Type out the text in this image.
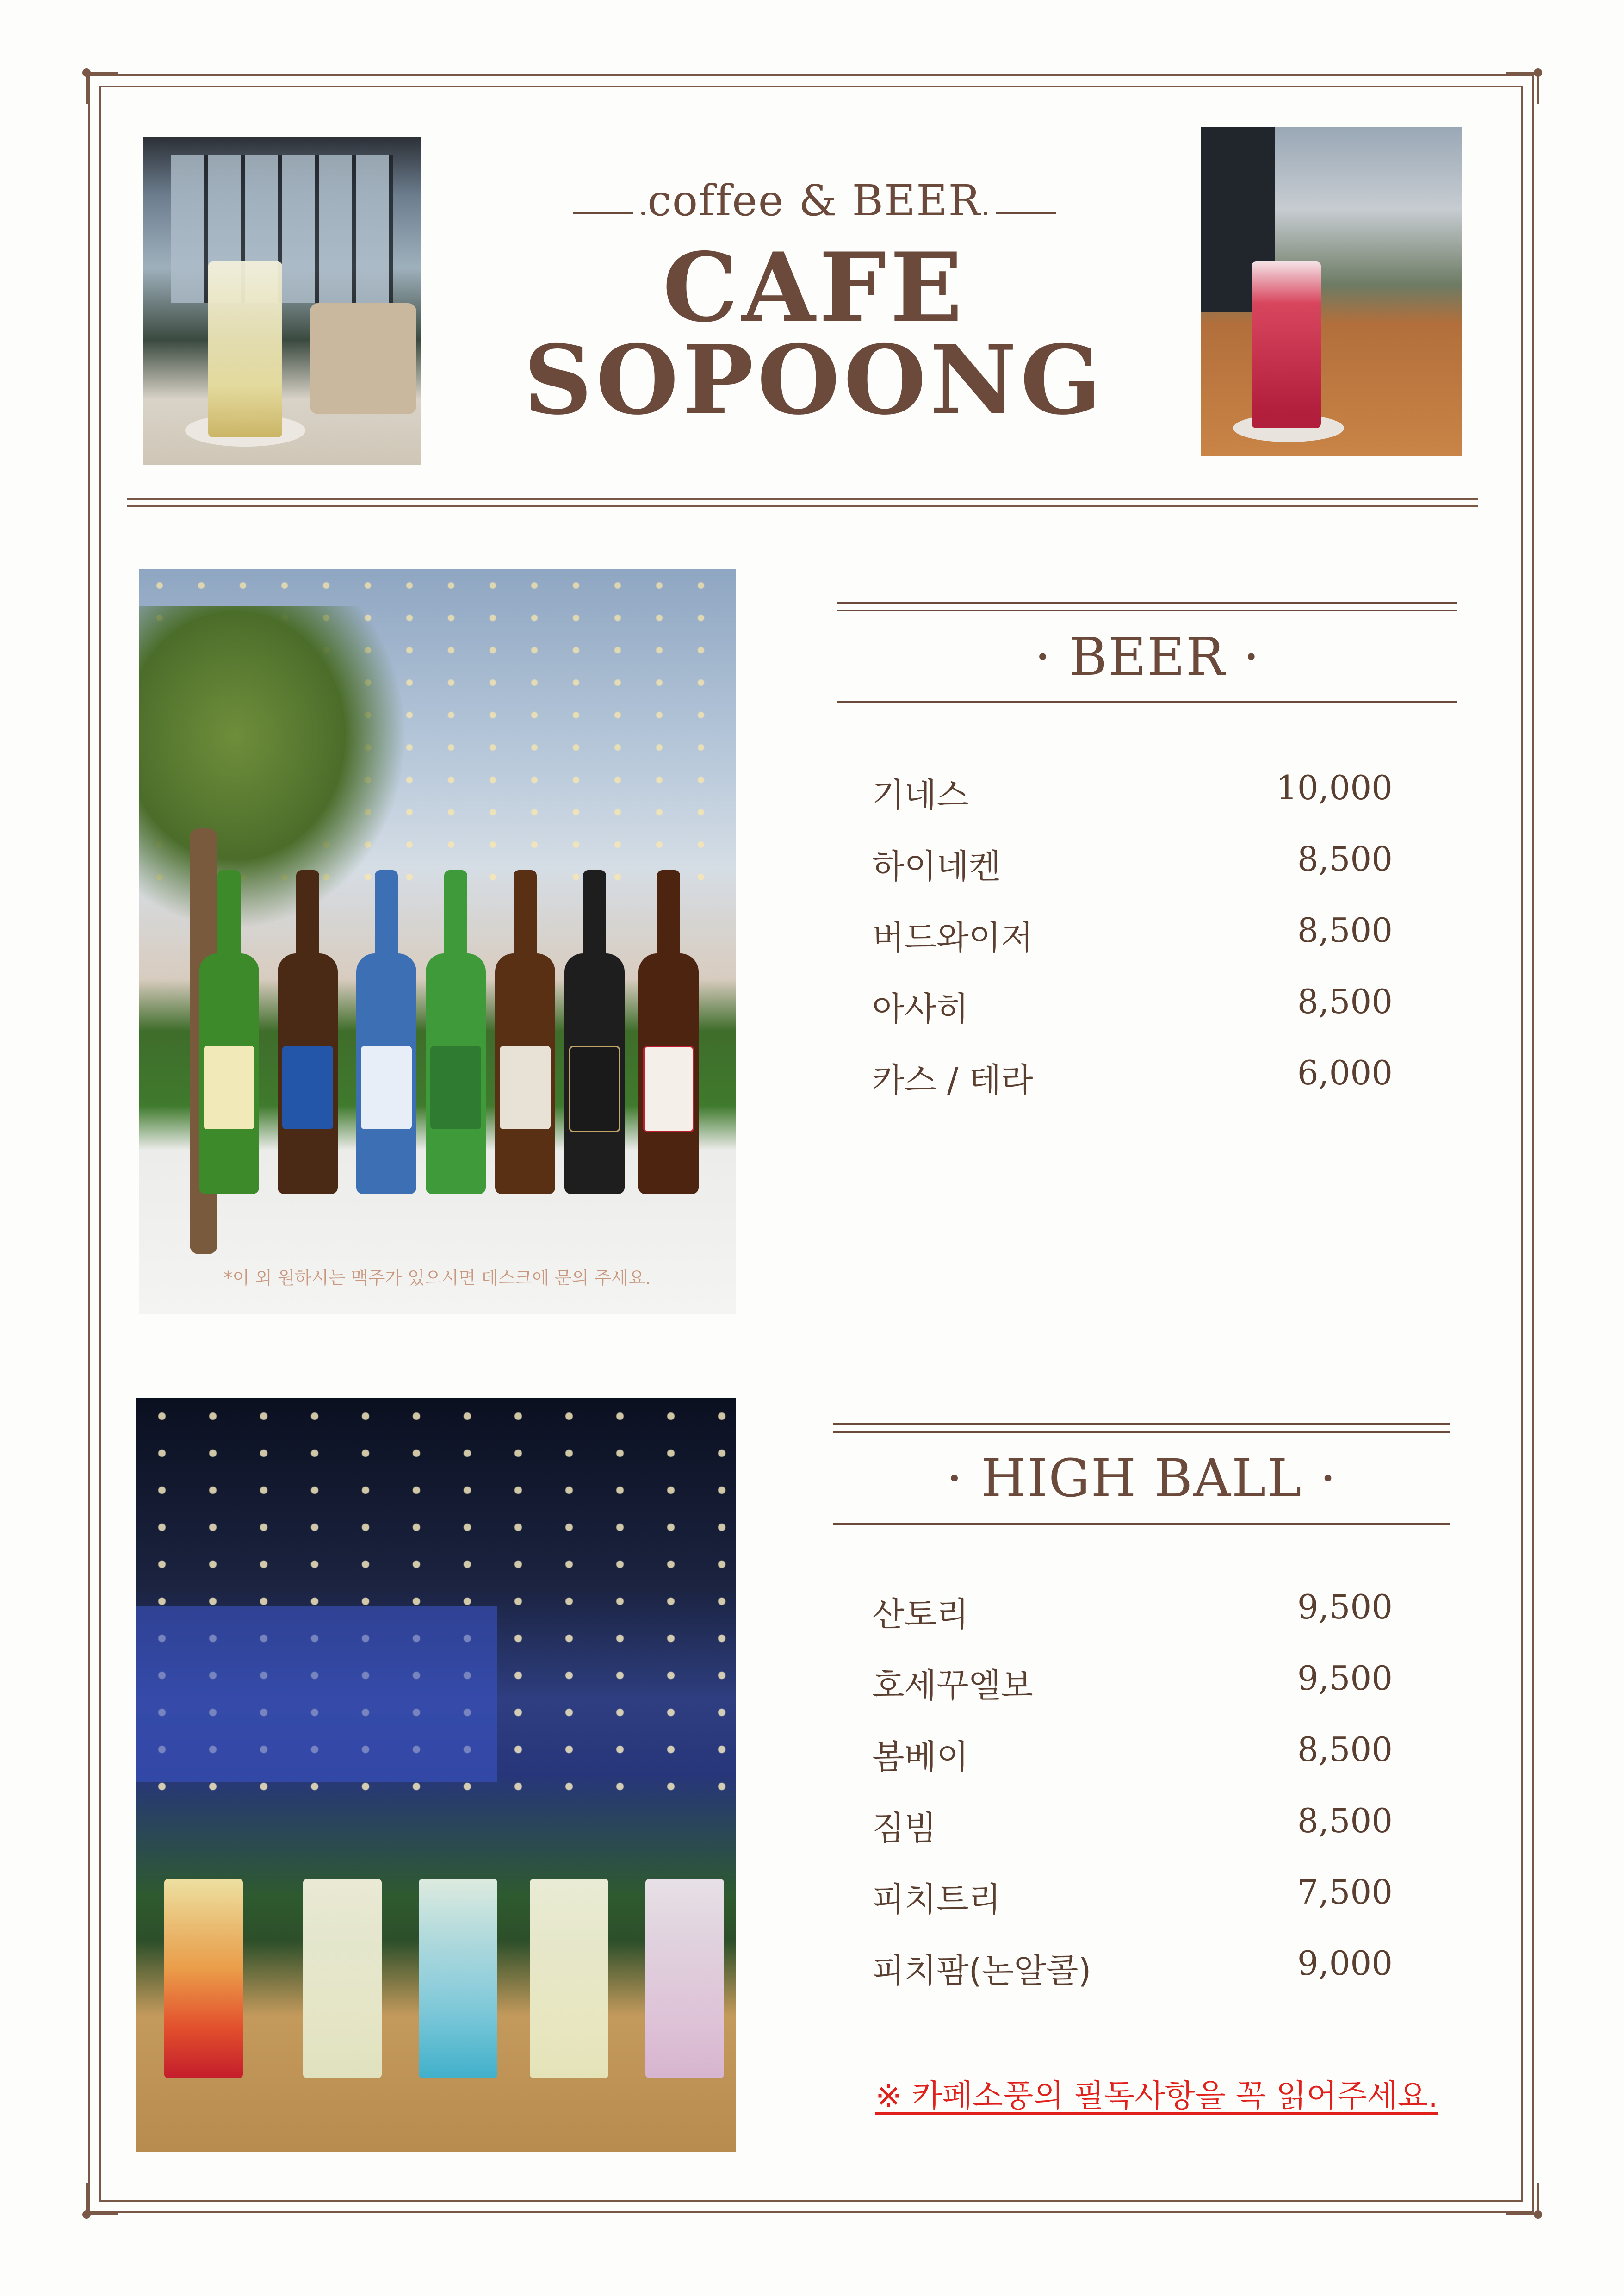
coffee & BEER
CAFE
SOPOONG
*이 외 원하시는 맥주가 있으시면 데스크에 문의 주세요.
· BEER ·
기네스	10,000
하이네켄	8,500
버드와이저	8,500
아사히	8,500
카스 / 테라	6,000
· HIGH BALL ·
산토리	9,500
호세꾸엘보	9,500
봄베이	8,500
짐빔	8,500
피치트리	7,500
피치팜(논알콜)	9,000
※ 카페소풍의 필독사항을 꼭 읽어주세요.
